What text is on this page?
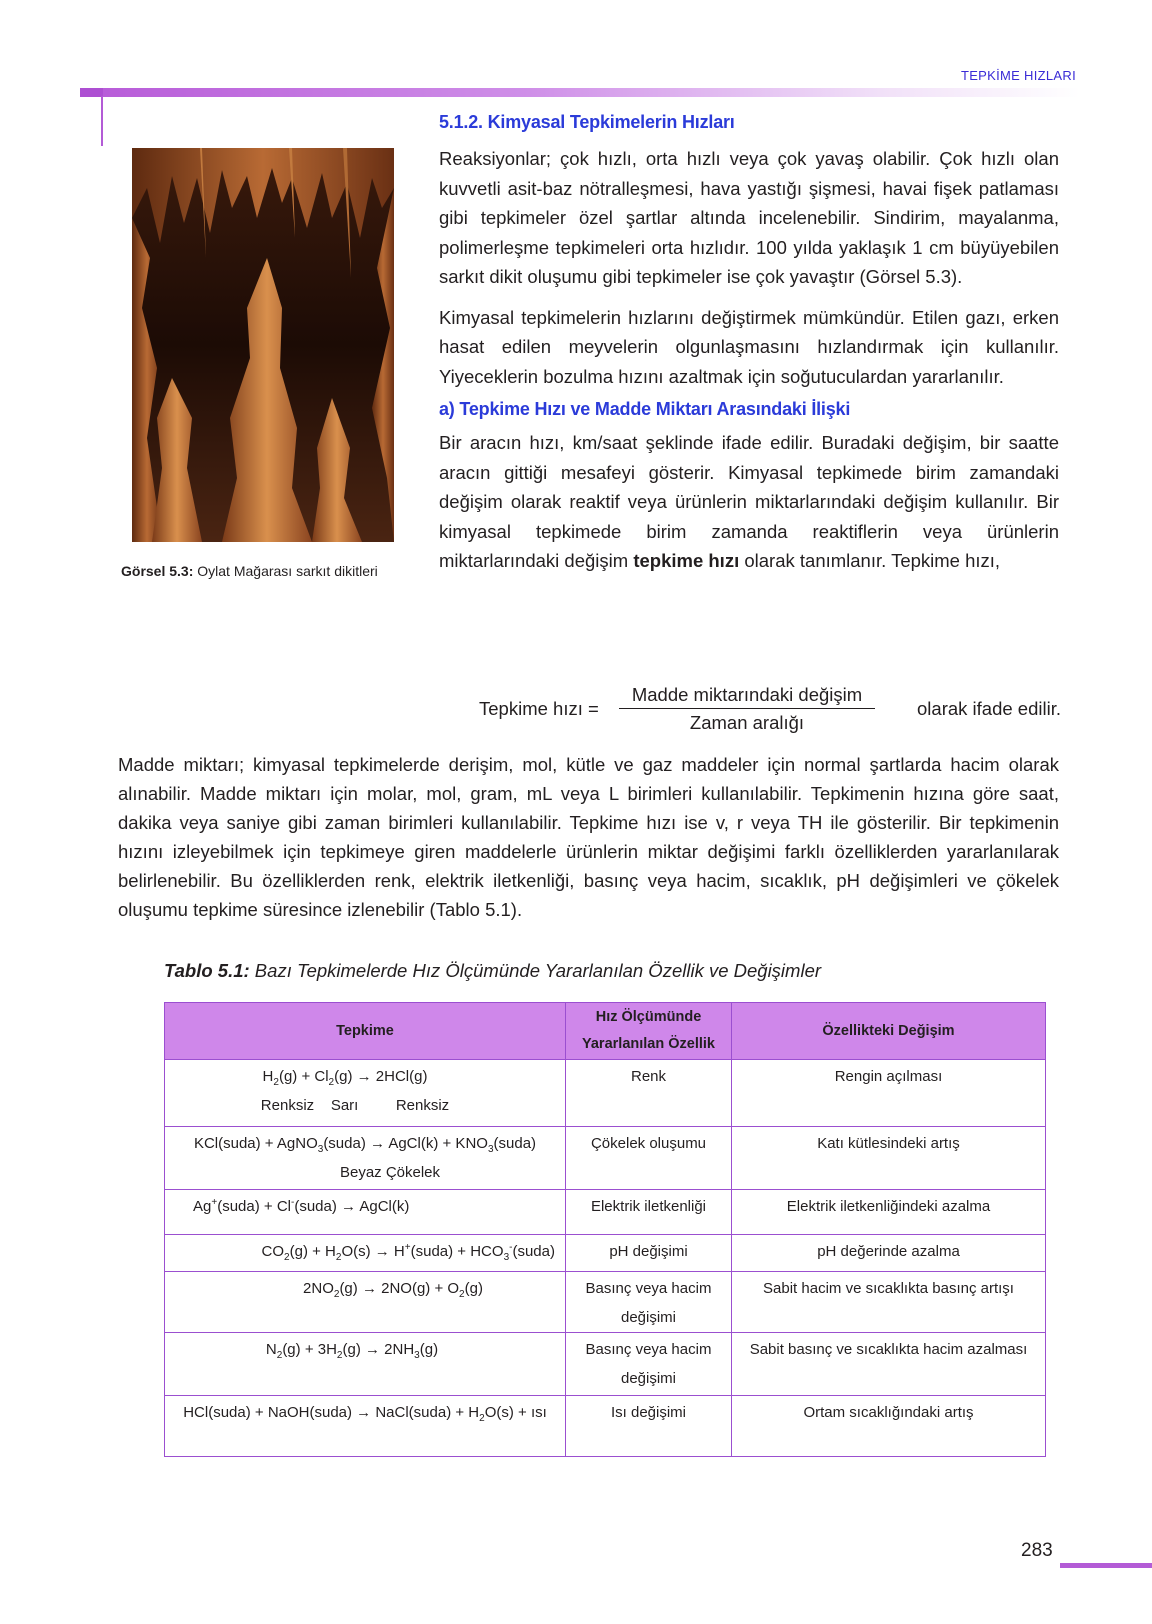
TEPKİME HIZLARI
Görsel 5.3: Oylat Mağarası sarkıt dikitleri
5.1.2. Kimyasal Tepkimelerin Hızları

Reaksiyonlar; çok hızlı, orta hızlı veya çok yavaş olabilir. Çok hızlı olan kuvvetli asit-baz nötralleşmesi, hava yastığı şişmesi, havai fişek patlaması gibi tepkimeler özel şartlar altında incelenebilir. Sindirim, mayalanma, polimerleşme tepkimeleri orta hızlıdır. 100 yılda yaklaşık 1 cm büyüyebilen sarkıt dikit oluşumu gibi tepkimeler ise çok yavaştır (Görsel 5.3).

Kimyasal tepkimelerin hızlarını değiştirmek mümkündür. Etilen gazı, erken hasat edilen meyvelerin olgunlaşmasını hızlandırmak için kullanılır. Yiyeceklerin bozulma hızını azaltmak için soğutuculardan yararlanılır.

a) Tepkime Hızı ve Madde Miktarı Arasındaki İlişki

Bir aracın hızı, km/saat şeklinde ifade edilir. Buradaki değişim, bir saatte aracın gittiği mesafeyi gösterir. Kimyasal tepkimede birim zamandaki değişim olarak reaktif veya ürünlerin miktarlarındaki değişim kullanılır. Bir kimyasal tepkimede birim zamanda reaktiflerin veya ürünlerin miktarlarındaki değişim tepkime hızı olarak tanımlanır. Tepkime hızı,

Tepkime hızı =
Madde miktarındaki değişim
Zaman aralığı
olarak ifade edilir.

Madde miktarı; kimyasal tepkimelerde derişim, mol, kütle ve gaz maddeler için normal şartlarda hacim olarak alınabilir. Madde miktarı için molar, mol, gram, mL veya L birimleri kullanılabilir. Tepkimenin hızına göre saat, dakika veya saniye gibi zaman birimleri kullanılabilir. Tepkime hızı ise v, r veya TH ile gösterilir. Bir tepkimenin hızını izleyebilmek için tepkimeye giren maddelerle ürünlerin miktar değişimi farklı özelliklerden yararlanılarak belirlenebilir. Bu özelliklerden renk, elektrik iletkenliği, basınç veya hacim, sıcaklık, pH değişimleri ve çökelek oluşumu tepkime süresince izlenebilir (Tablo 5.1).

Tablo 5.1: Bazı Tepkimelerde Hız Ölçümünde Yararlanılan Özellik ve Değişimler
Tepkime	Hız Ölçümünde Yararlanılan Özellik	Özellikteki Değişim

$H_2(g) + Cl_2(g) \to 2HCl(g)$
Renksiz    Sarı         Renksiz	Renk	Rengin açılması

KCl(suda) + AgNO$_3$(suda) → AgCl(k) + $KNO_3(suda)$
Beyaz Çökelek	Çökelek oluşumu	Katı kütlesindeki artış
Ag+(suda) + Cl-(suda) → AgCl(k)	Elektrik iletkenliği	Elektrik iletkenliğindeki azalma
$CO_2(g) + H_2O(s)$ → H+(suda) + $HCO_3^-(suda)$	pH değişimi	pH değerinde azalma
$2NO_2(g) \to 2NO(g) + O_2(g)$	Basınç veya hacim değişimi	Sabit hacim ve sıcaklıkta basınç artışı
$N_2(g) + 3H_2(g) \to 2NH_3(g)$	Basınç veya hacim değişimi	Sabit basınç ve sıcaklıkta hacim azalması
HCl(suda) + NaOH(suda) → NaCl(suda) + $H_2O(s)$ + ısı	Isı değişimi	Ortam sıcaklığındaki artış
283
